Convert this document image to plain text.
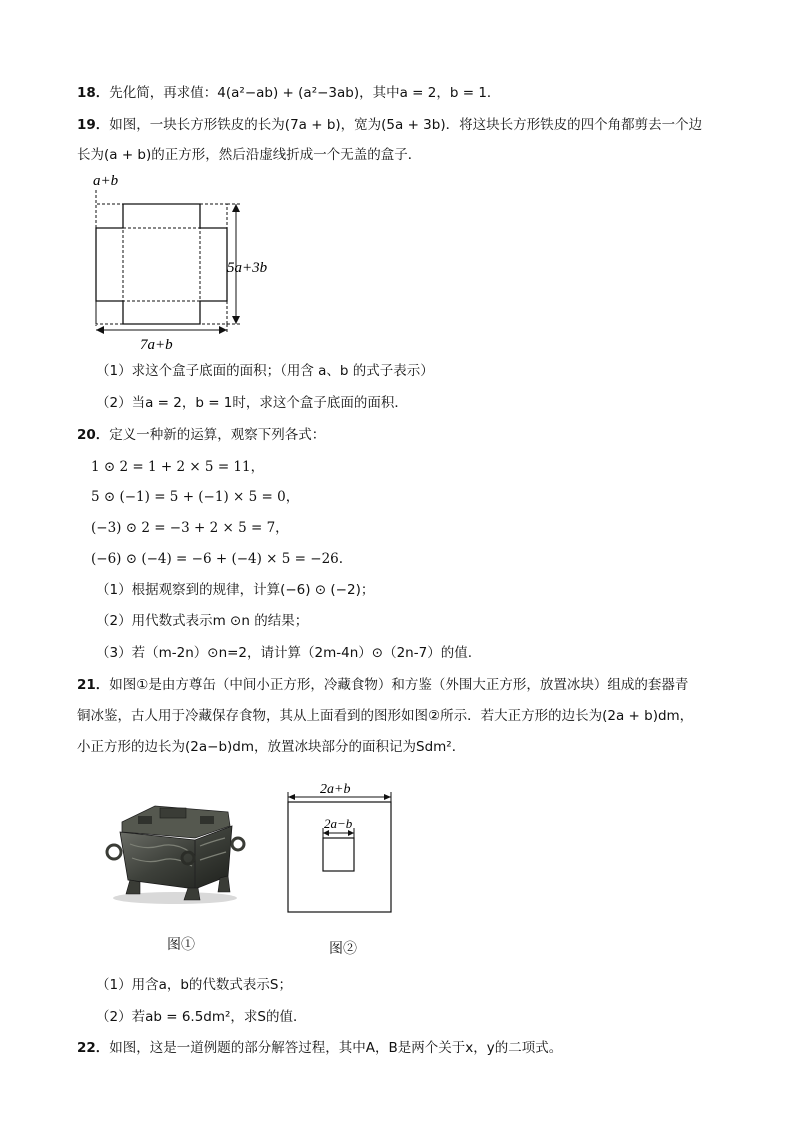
18．先化简，再求值：4(a²−ab) + (a²−3ab)，其中a = 2，b = 1．
19．如图，一块长方形铁皮的长为(7a + b)，宽为(5a + 3b)．将这块长方形铁皮的四个角都剪去一个边
长为(a + b)的正方形，然后沿虚线折成一个无盖的盒子．
a+b
5a+3b
7a+b
（1）求这个盒子底面的面积；（用含 a、b 的式子表示）
（2）当a = 2，b = 1时，求这个盒子底面的面积．
20．定义一种新的运算，观察下列各式：
1 ⊙ 2 = 1 + 2 × 5 = 11，
5 ⊙ (−1) = 5 + (−1) × 5 = 0，
(−3) ⊙ 2 = −3 + 2 × 5 = 7，
(−6) ⊙ (−4) = −6 + (−4) × 5 = −26.
（1）根据观察到的规律，计算(−6) ⊙ (−2)；
（2）用代数式表示m ⊙n 的结果；
（3）若（m-2n）⊙n=2，请计算（2m-4n）⊙（2n-7）的值.
21．如图①是由方尊缶（中间小正方形，冷藏食物）和方鉴（外围大正方形，放置冰块）组成的套器青
铜冰鉴，古人用于冷藏保存食物，其从上面看到的图形如图②所示．若大正方形的边长为(2a + b)dm，
小正方形的边长为(2a−b)dm，放置冰块部分的面积记为Sdm²．
2a+b
2a−b
图①	图②
（1）用含a，b的代数式表示S；
（2）若ab = 6.5dm²，求S的值．
22．如图，这是一道例题的部分解答过程，其中A，B是两个关于x，y的二项式。
